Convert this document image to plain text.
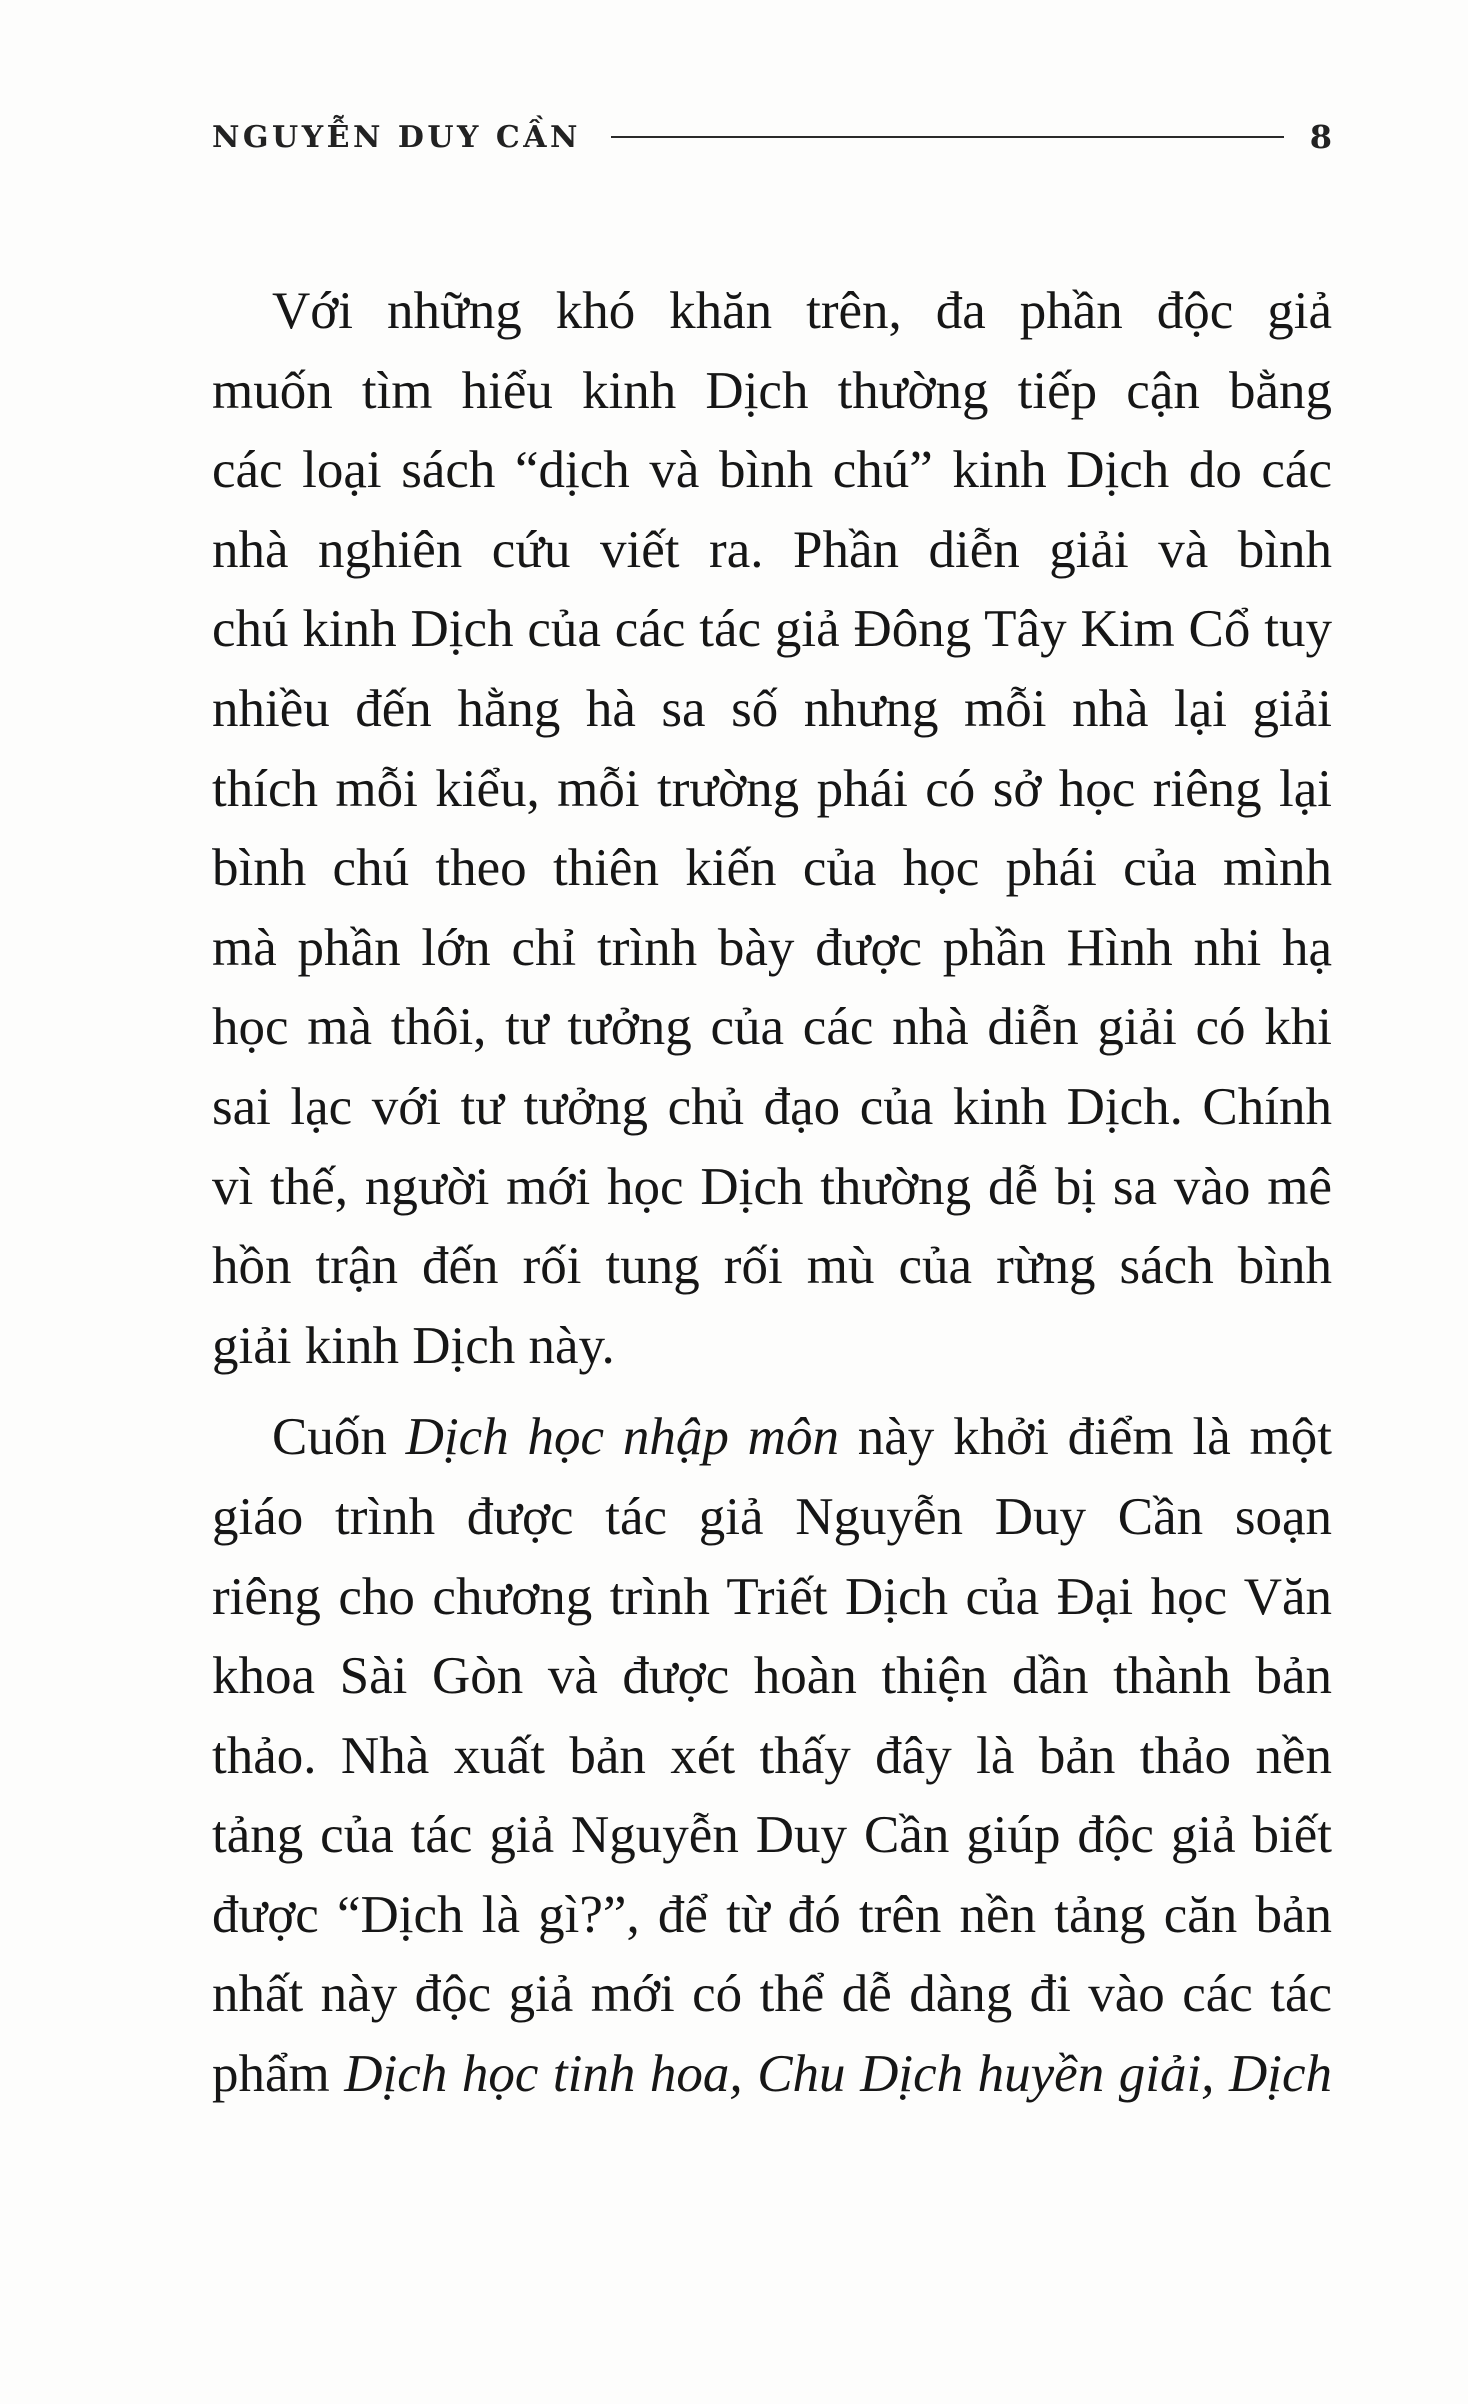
NGUYỄN DUY CẦN	8
Với những khó khăn trên, đa phần độc giả
muốn tìm hiểu kinh Dịch thường tiếp cận bằng
các loại sách “dịch và bình chú” kinh Dịch do các
nhà nghiên cứu viết ra. Phần diễn giải và bình
chú kinh Dịch của các tác giả Đông Tây Kim Cổ tuy
nhiều đến hằng hà sa số nhưng mỗi nhà lại giải
thích mỗi kiểu, mỗi trường phái có sở học riêng lại
bình chú theo thiên kiến của học phái của mình
mà phần lớn chỉ trình bày được phần Hình nhi hạ
học mà thôi, tư tưởng của các nhà diễn giải có khi
sai lạc với tư tưởng chủ đạo của kinh Dịch. Chính
vì thế, người mới học Dịch thường dễ bị sa vào mê
hồn trận đến rối tung rối mù của rừng sách bình
giải kinh Dịch này.
Cuốn Dịch học nhập môn này khởi điểm là một
giáo trình được tác giả Nguyễn Duy Cần soạn
riêng cho chương trình Triết Dịch của Đại học Văn
khoa Sài Gòn và được hoàn thiện dần thành bản
thảo. Nhà xuất bản xét thấy đây là bản thảo nền
tảng của tác giả Nguyễn Duy Cần giúp độc giả biết
được “Dịch là gì?”, để từ đó trên nền tảng căn bản
nhất này độc giả mới có thể dễ dàng đi vào các tác
phẩm Dịch học tinh hoa, Chu Dịch huyền giải, Dịch
